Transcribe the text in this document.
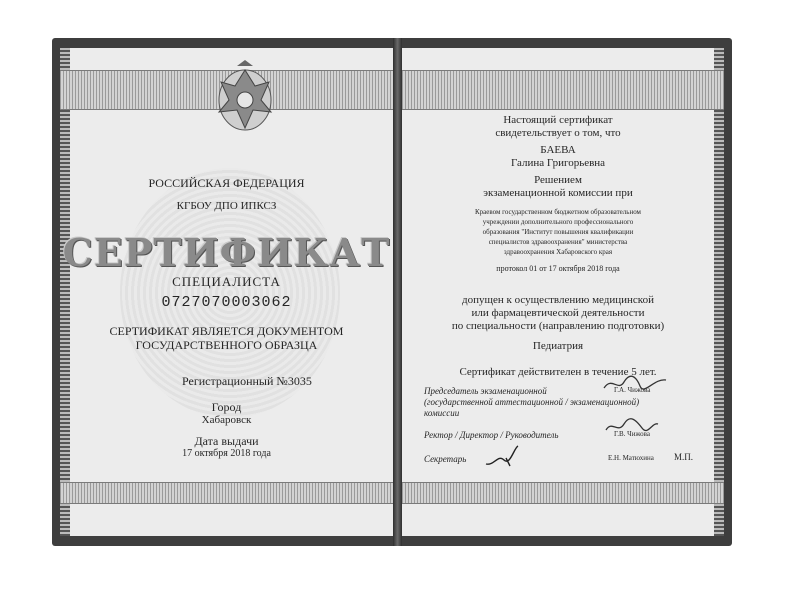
РОССИЙСКАЯ ФЕДЕРАЦИЯ
КГБОУ ДПО ИПКСЗ
СЕРТИФИКАТ
СПЕЦИАЛИСТА
0727070003062
СЕРТИФИКАТ ЯВЛЯЕТСЯ ДОКУМЕНТОМ
ГОСУДАРСТВЕННОГО ОБРАЗЦА
Регистрационный №3035
Город
Хабаровск
Дата выдачи
17 октября 2018 года
Настоящий сертификат
свидетельствует о том, что
БАЕВА
Галина Григорьевна
Решением
экзаменационной комиссии при
Краевом государственном бюджетном образовательном
учреждении дополнительного профессионального
образования "Институт повышения квалификации
специалистов здравоохранения" министерства
здравоохранения Хабаровского края
протокол 01 от 17 октября 2018 года
допущен к осуществлению медицинской
или фармацевтической деятельности
по специальности (направлению подготовки)
Педиатрия
Сертификат действителен в течение 5 лет.
Председатель экзаменационной
(государственной аттестационной / экзаменационной)
комиссии
Г.А. Чижова
Ректор / Директор / Руководитель	Г.В. Чижова
Секретарь	Е.Н. Матюхина М.П.
